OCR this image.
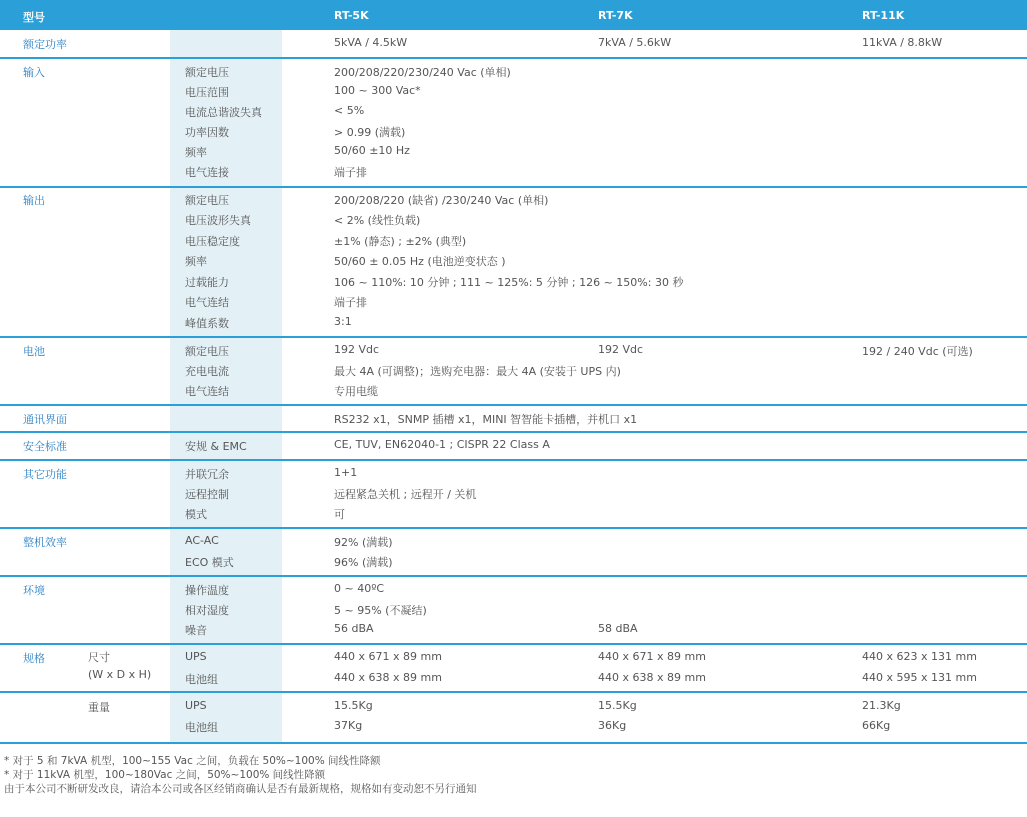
型号	RT-5K	RT-7K	RT-11K
额定功率	5kVA / 4.5kW	7kVA / 5.6kW	11kVA / 8.8kW
输入	额定电压	200/208/220/230/240 Vac (单相)
电压范围	100 ~ 300 Vac*
电流总谐波失真	< 5%
功率因数	> 0.99 (满载)
频率	50/60 ±10 Hz
电气连接	端子排
输出	额定电压	200/208/220 (缺省) /230/240 Vac (单相)
电压波形失真	< 2% (线性负载)
电压稳定度	±1% (静态) ; ±2% (典型)
频率	50/60 ± 0.05 Hz (电池逆变状态 )
过载能力	106 ~ 110%: 10 分钟 ; 111 ~ 125%: 5 分钟 ; 126 ~ 150%: 30 秒
电气连结	端子排
峰值系数	3:1
电池	额定电压	192 Vdc	192 Vdc	192 / 240 Vdc (可选)
充电电流	最大 4A (可调整)；选购充电器：最大 4A (安装于 UPS 内)
电气连结	专用电缆
通讯界面	RS232 x1，SNMP 插槽 x1，MINI 智智能卡插槽，并机口 x1
安全标准	安规 & EMC	CE, TUV, EN62040-1 ; CISPR 22 Class A
其它功能	并联冗余	1+1
远程控制	远程紧急关机 ; 远程开 / 关机
模式	可
整机效率	AC-AC	92% (满载)
ECO 模式	96% (满载)
环境	操作温度	0 ~ 40ºC
相对湿度	5 ~ 95% (不凝结)
噪音	56 dBA	58 dBA
规格	尺寸
(W x D x H)
UPS	440 x 671 x 89 mm	440 x 671 x 89 mm	440 x 623 x 131 mm
电池组	440 x 638 x 89 mm	440 x 638 x 89 mm	440 x 595 x 131 mm
重量	UPS	15.5Kg	15.5Kg	21.3Kg
电池组	37Kg	36Kg	66Kg
* 对于 5 和 7kVA 机型，100~155 Vac 之间，负载在 50%~100% 间线性降额
* 对于 11kVA 机型，100~180Vac 之间，50%~100% 间线性降额
由于本公司不断研发改良，请洽本公司或各区经销商确认是否有最新规格，规格如有变动恕不另行通知
